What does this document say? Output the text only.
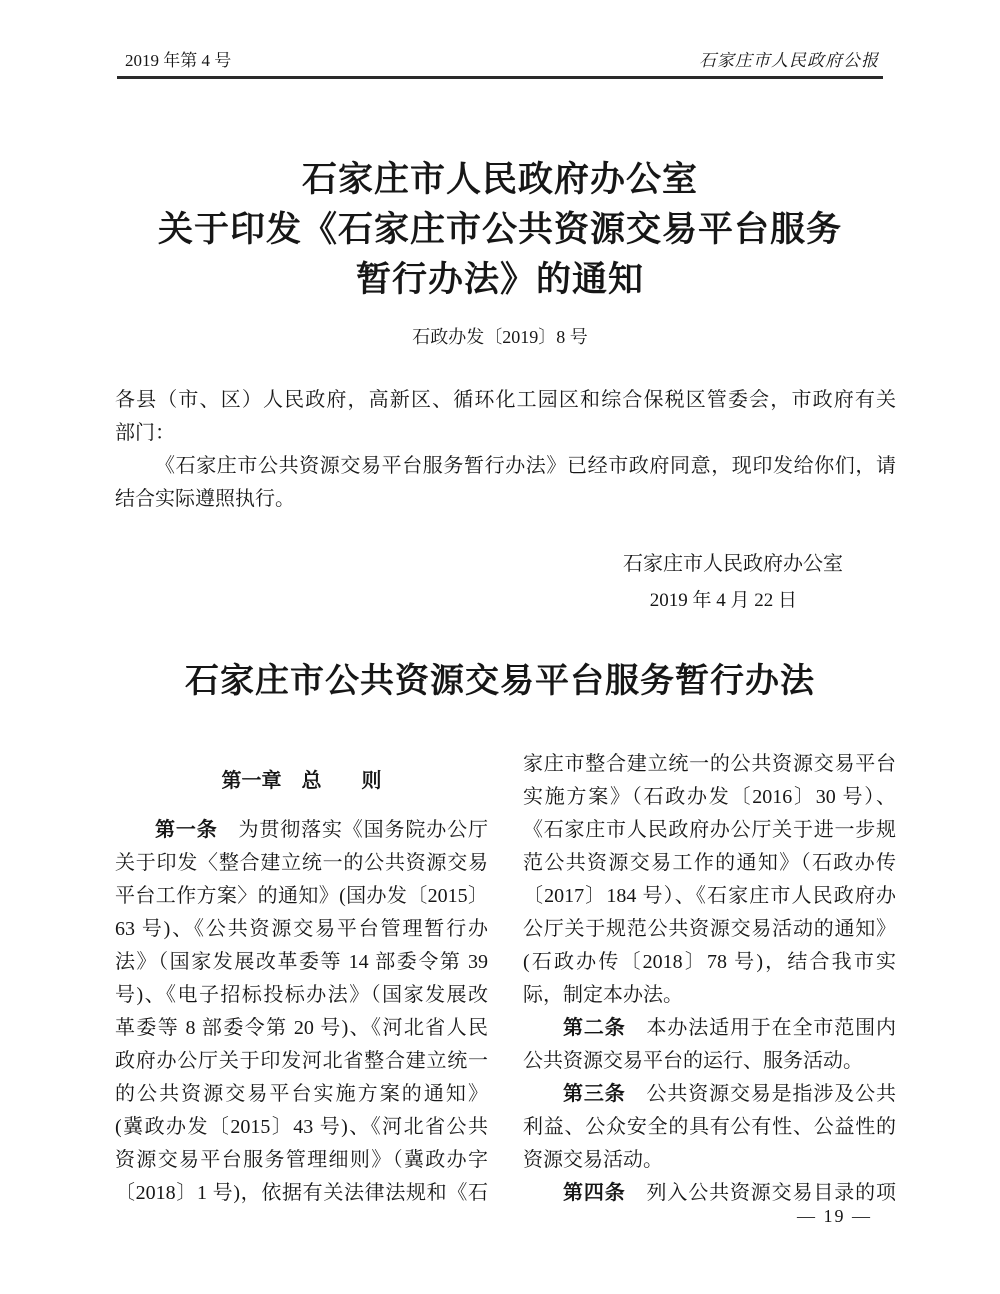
2019 年第 4 号	石家庄市人民政府公报
石家庄市人民政府办公室
关于印发《石家庄市公共资源交易平台服务
暂行办法》的通知
石政办发〔2019〕8 号
各县（市、区）人民政府，高新区、循环化工园区和综合保税区管委会，市政府有关
部门：
《石家庄市公共资源交易平台服务暂行办法》已经市政府同意，现印发给你们，请
结合实际遵照执行。
石家庄市人民政府办公室
2019 年 4 月 22 日
石家庄市公共资源交易平台服务暂行办法
第一章　总　　则
第一条　为贯彻落实《国务院办公厅
关于印发〈整合建立统一的公共资源交易
平台工作方案〉的通知》(国办发〔2015〕
63 号)、《公共资源交易平台管理暂行办
法》（国家发展改革委等 14 部委令第 39
号)、《电子招标投标办法》（国家发展改
革委等 8 部委令第 20 号)、《河北省人民
政府办公厅关于印发河北省整合建立统一
的公共资源交易平台实施方案的通知》
(冀政办发〔2015〕43 号)、《河北省公共
资源交易平台服务管理细则》（冀政办字
〔2018〕1 号)，依据有关法律法规和《石
家庄市整合建立统一的公共资源交易平台
实施方案》（石政办发〔2016〕30 号）、
《石家庄市人民政府办公厅关于进一步规
范公共资源交易工作的通知》（石政办传
〔2017〕184 号）、《石家庄市人民政府办
公厅关于规范公共资源交易活动的通知》
(石政办传〔2018〕78 号)，结合我市实
际，制定本办法。
第二条　本办法适用于在全市范围内
公共资源交易平台的运行、服务活动。
第三条　公共资源交易是指涉及公共
利益、公众安全的具有公有性、公益性的
资源交易活动。
第四条　列入公共资源交易目录的项
— 19 —
